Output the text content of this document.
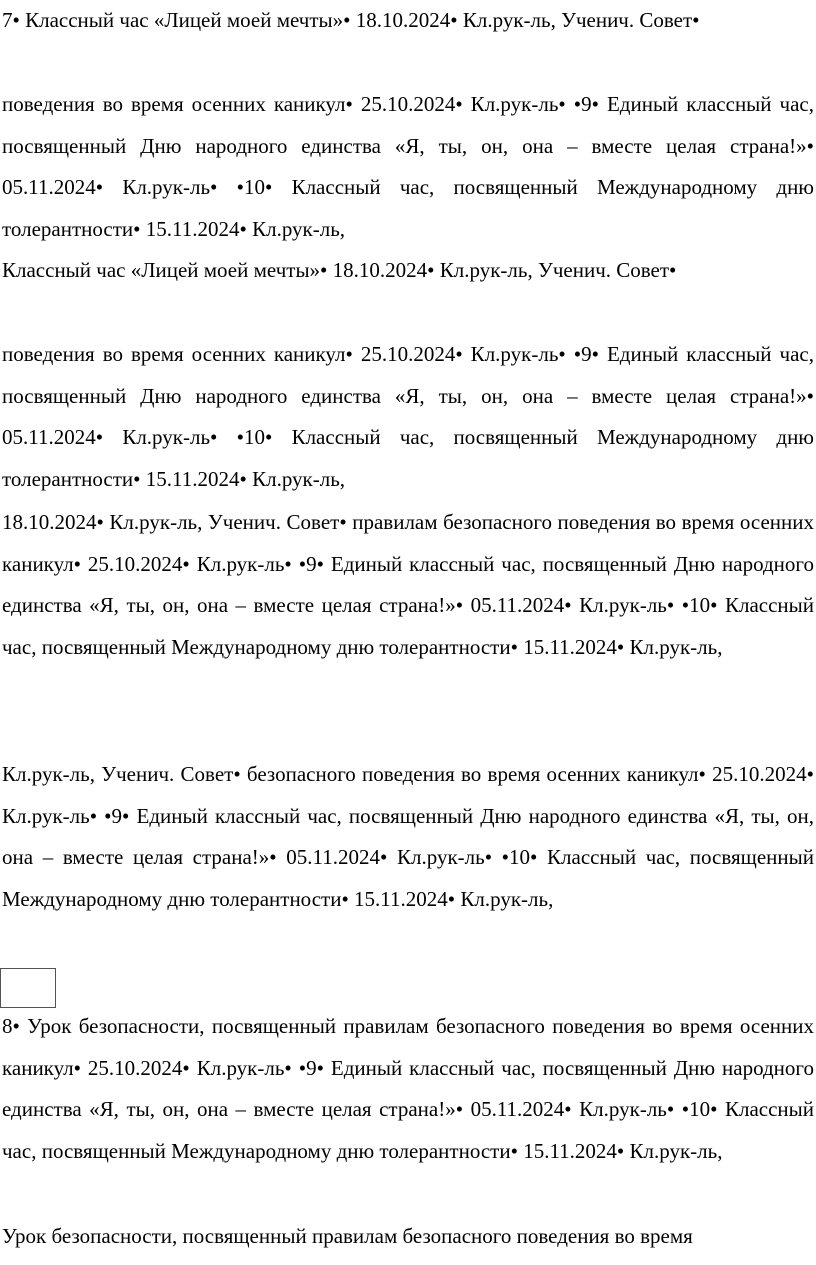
7• Классный час «Лицей моей мечты»• 18.10.2024• Кл.рук-ль, Ученич. Совет•

поведения во время осенних каникул• 25.10.2024• Кл.рук-ль• •9• Единый классный час, посвященный Дню народного единства «Я, ты, он, она – вместе целая страна!»• 05.11.2024• Кл.рук-ль• •10• Классный час, посвященный Международному дню толерантности• 15.11.2024• Кл.рук-ль,

Классный час «Лицей моей мечты»• 18.10.2024• Кл.рук-ль, Ученич. Совет•

поведения во время осенних каникул• 25.10.2024• Кл.рук-ль• •9• Единый классный час, посвященный Дню народного единства «Я, ты, он, она – вместе целая страна!»• 05.11.2024• Кл.рук-ль• •10• Классный час, посвященный Международному дню толерантности• 15.11.2024• Кл.рук-ль,

18.10.2024• Кл.рук-ль, Ученич. Совет• правилам безопасного поведения во время осенних каникул• 25.10.2024• Кл.рук-ль• •9• Единый классный час, посвященный Дню народного единства «Я, ты, он, она – вместе целая страна!»• 05.11.2024• Кл.рук-ль• •10• Классный час, посвященный Международному дню толерантности• 15.11.2024• Кл.рук-ль,

Кл.рук-ль, Ученич. Совет• безопасного поведения во время осенних каникул• 25.10.2024• Кл.рук-ль• •9• Единый классный час, посвященный Дню народного единства «Я, ты, он, она – вместе целая страна!»• 05.11.2024• Кл.рук-ль• •10• Классный час, посвященный Международному дню толерантности• 15.11.2024• Кл.рук-ль,

8• Урок безопасности, посвященный правилам безопасного поведения во время осенних каникул• 25.10.2024• Кл.рук-ль• •9• Единый классный час, посвященный Дню народного единства «Я, ты, он, она – вместе целая страна!»• 05.11.2024• Кл.рук-ль• •10• Классный час, посвященный Международному дню толерантности• 15.11.2024• Кл.рук-ль,

Урок безопасности, посвященный правилам безопасного поведения во время
